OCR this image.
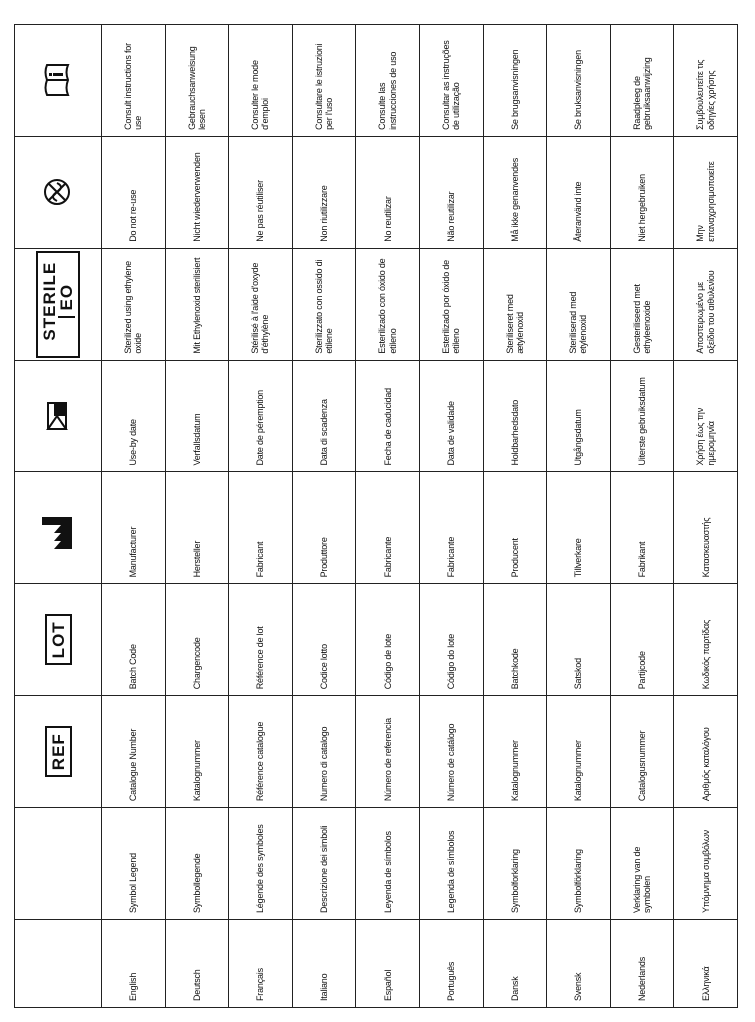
		REF	LOT			STERILEEO		
English	Symbol Legend	Catalogue Number	Batch Code	Manufacturer	Use-by date	Sterilized using ethylene oxide	Do not re-use	Consult instructions for use
Deutsch	Symbollegende	Katalognummer	Chargencode	Hersteller	Verfallsdatum	Mit Ethylenoxid sterilisiert	Nicht wiederverwenden	Gebrauchsanweisung lesen
Français	Légende des symboles	Référence catalogue	Référence de lot	Fabricant	Date de péremption	Stérilisé à l'aide d'oxyde d'éthylène	Ne pas réutiliser	Consulter le mode d'emploi
Italiano	Descrizione dei simboli	Numero di catalogo	Codice lotto	Produttore	Data di scadenza	Sterilizzato con ossido di etilene	Non riutilizzare	Consultare le istruzioni per l'uso
Español	Leyenda de símbolos	Número de referencia	Código de lote	Fabricante	Fecha de caducidad	Esterilizado con óxido de etileno	No reutilizar	Consulte las instrucciones de uso
Português	Legenda de símbolos	Número de catálogo	Código do lote	Fabricante	Data de validade	Esterilizado por óxido de etileno	Não reutilizar	Consultar as instruções de utilização
Dansk	Symbolforklaring	Katalognummer	Batchkode	Producent	Holdbarhedsdato	Steriliseret med ætylenoxid	Må ikke genanvendes	Se brugsanvisningen
Svensk	Symbolförklaring	Katalognummer	Satskod	Tillverkare	Utgångsdatum	Steriliserad med etylenoxid	Återanvänd inte	Se bruksanvisningen
Nederlands	Verklaring van de symbolen	Catalogusnummer	Partijcode	Fabrikant	Uiterste gebruiksdatum	Gesteriliseerd met ethyleenoxide	Niet hergebruiken	Raadpleeg de gebruiksaanwijzing
Ελληνικά	Υπόμνημα συμβόλων	Αριθμός καταλόγου	Κωδικός παρτίδας	Κατασκευαστής	Χρήση έως την ημερομηνία	Αποστειρωμένο με οξείδιο του αιθυλενίου	Μην επαναχρησιμοποιείτε	Συμβουλευτείτε τις οδηγίες χρήσης
